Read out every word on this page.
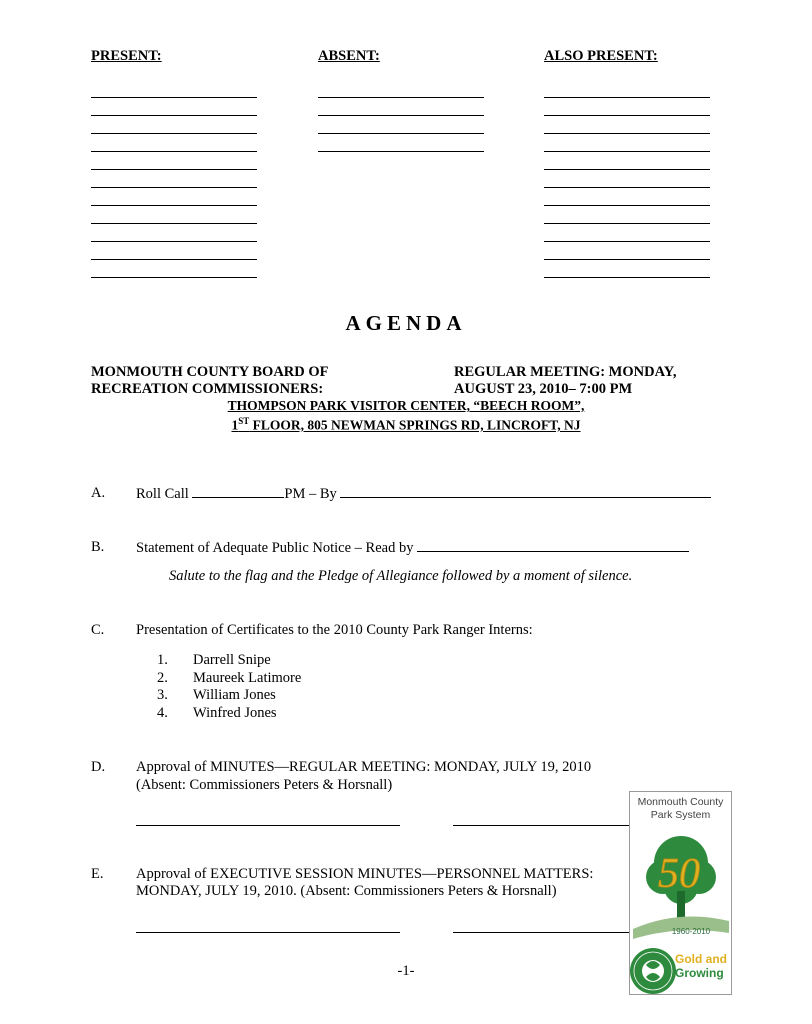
PRESENT:	ABSENT:	ALSO PRESENT:
AGENDA
MONMOUTH COUNTY BOARD OF
RECREATION COMMISSIONERS:
REGULAR MEETING: MONDAY,
AUGUST 23, 2010– 7:00 PM
THOMPSON PARK VISITOR CENTER, “BEECH ROOM”,
1ST FLOOR, 805 NEWMAN SPRINGS RD, LINCROFT, NJ
A. Roll Call	PM – By
B. Statement of Adequate Public Notice – Read by
Salute to the flag and the Pledge of Allegiance followed by a moment of silence.
C. Presentation of Certificates to the 2010 County Park Ranger Interns:
1. Darrell Snipe
2. Maureek Latimore
3. William Jones
4. Winfred Jones
D. Approval of MINUTES—REGULAR MEETING: MONDAY, JULY 19, 2010
(Absent: Commissioners Peters & Horsnall)
E. Approval of EXECUTIVE SESSION MINUTES—PERSONNEL MATTERS:
MONDAY, JULY 19, 2010. (Absent: Commissioners Peters & Horsnall)
-1-
Monmouth County
Park System
50
1960-2010
MONMOUTH COUNTY PARK SYSTEM NEW JERSEY
Gold and
Growing
